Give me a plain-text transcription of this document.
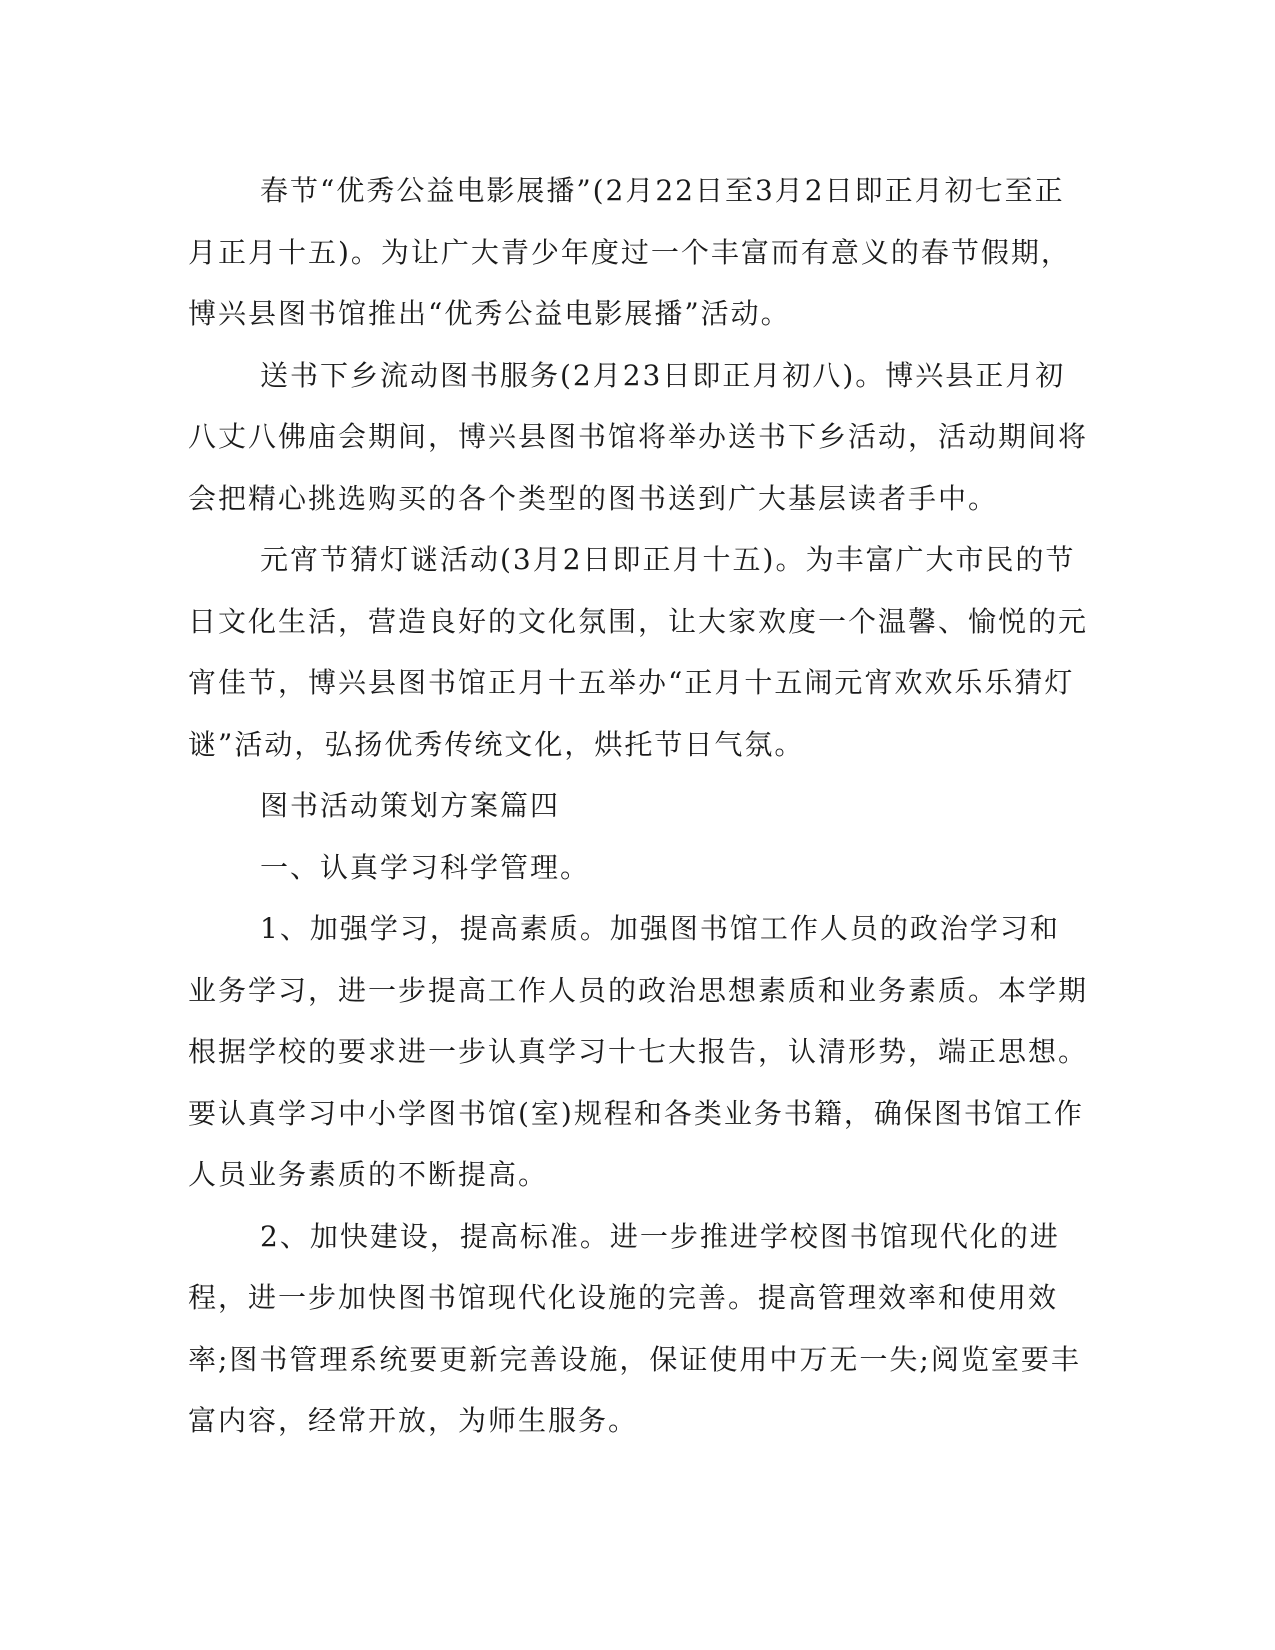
春节“优秀公益电影展播”(2月22日至3月2日即正月初七至正月正月十五)。为让广大青少年度过一个丰富而有意义的春节假期，博兴县图书馆推出“优秀公益电影展播”活动。

送书下乡流动图书服务(2月23日即正月初八)。博兴县正月初八丈八佛庙会期间，博兴县图书馆将举办送书下乡活动，活动期间将会把精心挑选购买的各个类型的图书送到广大基层读者手中。

元宵节猜灯谜活动(3月2日即正月十五)。为丰富广大市民的节日文化生活，营造良好的文化氛围，让大家欢度一个温馨、愉悦的元宵佳节，博兴县图书馆正月十五举办“正月十五闹元宵欢欢乐乐猜灯谜”活动，弘扬优秀传统文化，烘托节日气氛。

图书活动策划方案篇四

一、认真学习科学管理。

1、加强学习，提高素质。加强图书馆工作人员的政治学习和业务学习，进一步提高工作人员的政治思想素质和业务素质。本学期根据学校的要求进一步认真学习十七大报告，认清形势，端正思想。要认真学习中小学图书馆(室)规程和各类业务书籍，确保图书馆工作人员业务素质的不断提高。

2、加快建设，提高标准。进一步推进学校图书馆现代化的进程，进一步加快图书馆现代化设施的完善。提高管理效率和使用效率;图书管理系统要更新完善设施，保证使用中万无一失;阅览室要丰富内容，经常开放，为师生服务。
